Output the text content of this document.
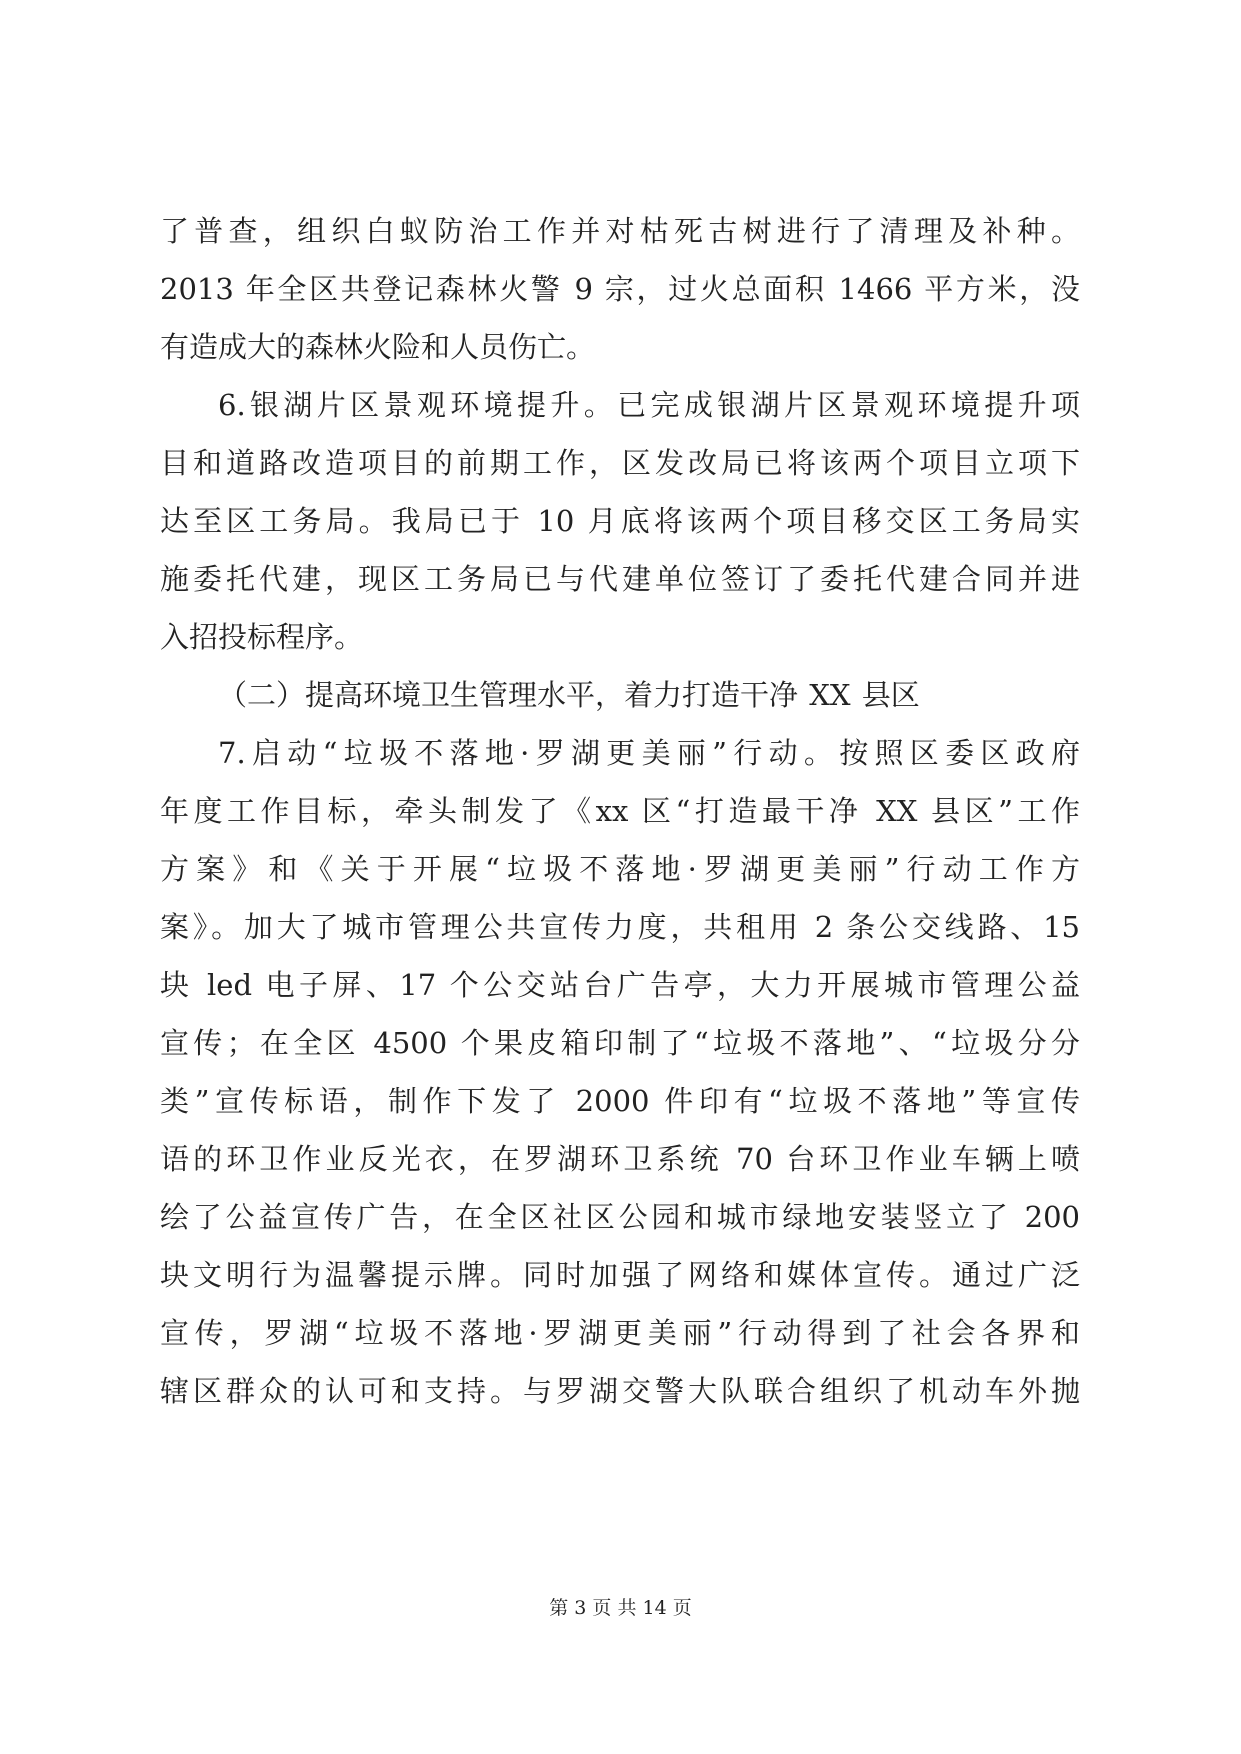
了普查，组织白蚁防治工作并对枯死古树进行了清理及补种。
2013 年全区共登记森林火警 9 宗，过火总面积 1466 平方米，没
有造成大的森林火险和人员伤亡。
6.银湖片区景观环境提升。已完成银湖片区景观环境提升项
目和道路改造项目的前期工作，区发改局已将该两个项目立项下
达至区工务局。我局已于 10 月底将该两个项目移交区工务局实
施委托代建，现区工务局已与代建单位签订了委托代建合同并进
入招投标程序。
（二）提高环境卫生管理水平，着力打造干净 XX 县区
7.启动“垃圾不落地·罗湖更美丽”行动。按照区委区政府
年度工作目标，牵头制发了《xx 区“打造最干净 XX 县区”工作
方案》和《关于开展“垃圾不落地·罗湖更美丽”行动工作方
案》。加大了城市管理公共宣传力度，共租用 2 条公交线路、15
块 led 电子屏、17 个公交站台广告亭，大力开展城市管理公益
宣传；在全区 4500 个果皮箱印制了“垃圾不落地”、“垃圾分分
类”宣传标语，制作下发了 2000 件印有“垃圾不落地”等宣传
语的环卫作业反光衣，在罗湖环卫系统 70 台环卫作业车辆上喷
绘了公益宣传广告，在全区社区公园和城市绿地安装竖立了 200
块文明行为温馨提示牌。同时加强了网络和媒体宣传。通过广泛
宣传，罗湖“垃圾不落地·罗湖更美丽”行动得到了社会各界和
辖区群众的认可和支持。与罗湖交警大队联合组织了机动车外抛
第 3 页 共 14 页
